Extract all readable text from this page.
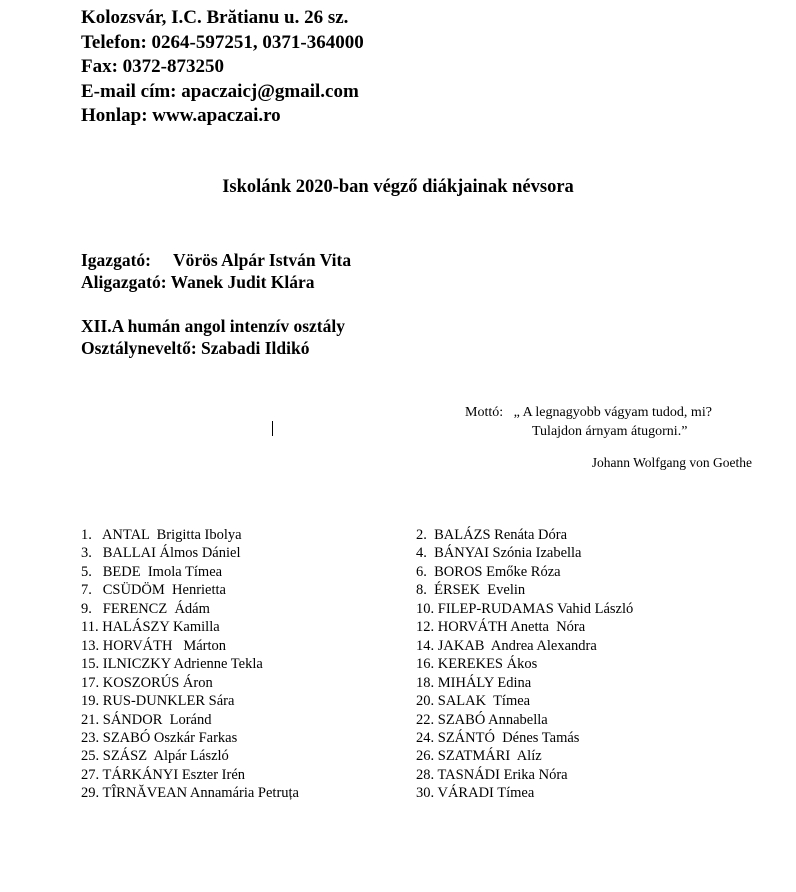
Kolozsvár, I.C. Brătianu u. 26 sz.
Telefon: 0264-597251, 0371-364000
Fax: 0372-873250
E-mail cím: apaczaicj@gmail.com
Honlap: www.apaczai.ro
Iskolánk 2020-ban végző diákjainak névsora
Igazgató: Vörös Alpár István Vita
Aligazgató: Wanek Judit Klára
XII.A humán angol intenzív osztály
Osztályneveltő: Szabadi Ildikó
Mottó: „ A legnagyobb vágyam tudod, mi?
Tulajdon árnyam átugorni.”
Johann Wolfgang von Goethe
1.   ANTAL  Brigitta Ibolya
3.   BALLAI Álmos Dániel
5.   BEDE  Imola Tímea
7.   CSÜDÖM  Henrietta
9.   FERENCZ  Ádám
11. HALÁSZY Kamilla
13. HORVÁTH   Márton
15. ILNICZKY Adrienne Tekla
17. KOSZORÚS Áron
19. RUS-DUNKLER Sára
21. SÁNDOR  Loránd
23. SZABÓ Oszkár Farkas
25. SZÁSZ  Alpár László
27. TÁRKÁNYI Eszter Irén
29. TÎRNĂVEAN Annamária Petruța
2.  BALÁZS Renáta Dóra
4.  BÁNYAI Szónia Izabella
6.  BOROS Emőke Róza
8.  ÉRSEK  Evelin
10. FILEP-RUDAMAS Vahid László
12. HORVÁTH Anetta  Nóra
14. JAKAB  Andrea Alexandra
16. KEREKES Ákos
18. MIHÁLY Edina
20. SALAK  Tímea
22. SZABÓ Annabella
24. SZÁNTÓ  Dénes Tamás
26. SZATMÁRI  Alíz
28. TASNÁDI Erika Nóra
30. VÁRADI Tímea
